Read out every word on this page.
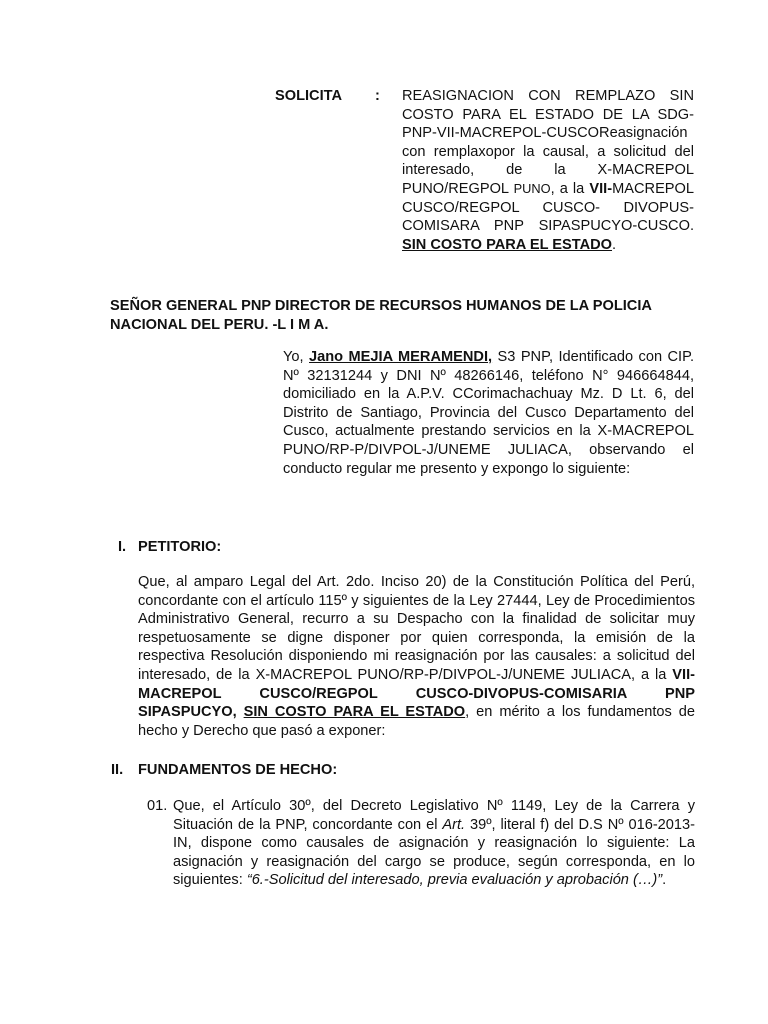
SOLICITA : REASIGNACION CON REMPLAZO SIN COSTO PARA EL ESTADO DE LA SDG-PNP-VII-MACREPOL-CUSCOReasignación con remplaxopor la causal, a solicitud del interesado, de la X-MACREPOL PUNO/REGPOL PUNO, a la VII-MACREPOL CUSCO/REGPOL CUSCO- DIVOPUS-COMISARA PNP SIPASPUCYO-CUSCO. SIN COSTO PARA EL ESTADO.
SEÑOR GENERAL PNP DIRECTOR DE RECURSOS HUMANOS DE LA POLICIA NACIONAL DEL PERU. -L I M A.
Yo, Jano MEJIA MERAMENDI, S3 PNP, Identificado con CIP. Nº 32131244 y DNI Nº 48266146, teléfono N° 946664844, domiciliado en la A.P.V. CCorimachachuay Mz. D Lt. 6, del Distrito de Santiago, Provincia del Cusco Departamento del Cusco, actualmente prestando servicios en la X-MACREPOL PUNO/RP-P/DIVPOL-J/UNEME JULIACA, observando el conducto regular me presento y expongo lo siguiente:
I. PETITORIO:
Que, al amparo Legal del Art. 2do. Inciso 20) de la Constitución Política del Perú, concordante con el artículo 115º y siguientes de la Ley 27444, Ley de Procedimientos Administrativo General, recurro a su Despacho con la finalidad de solicitar muy respetuosamente se digne disponer por quien corresponda, la emisión de la respectiva Resolución disponiendo mi reasignación por las causales: a solicitud del interesado, de la X-MACREPOL PUNO/RP-P/DIVPOL-J/UNEME JULIACA, a la VII-MACREPOL CUSCO/REGPOL CUSCO-DIVOPUS-COMISARIA PNP SIPASPUCYO, SIN COSTO PARA EL ESTADO, en mérito a los fundamentos de hecho y Derecho que pasó a exponer:
II. FUNDAMENTOS DE HECHO:
01. Que, el Artículo 30º, del Decreto Legislativo Nº 1149, Ley de la Carrera y Situación de la PNP, concordante con el Art. 39º, literal f) del D.S Nº 016-2013-IN, dispone como causales de asignación y reasignación lo siguiente: La asignación y reasignación del cargo se produce, según corresponda, en lo siguientes: “6.-Solicitud del interesado, previa evaluación y aprobación (…)”.
